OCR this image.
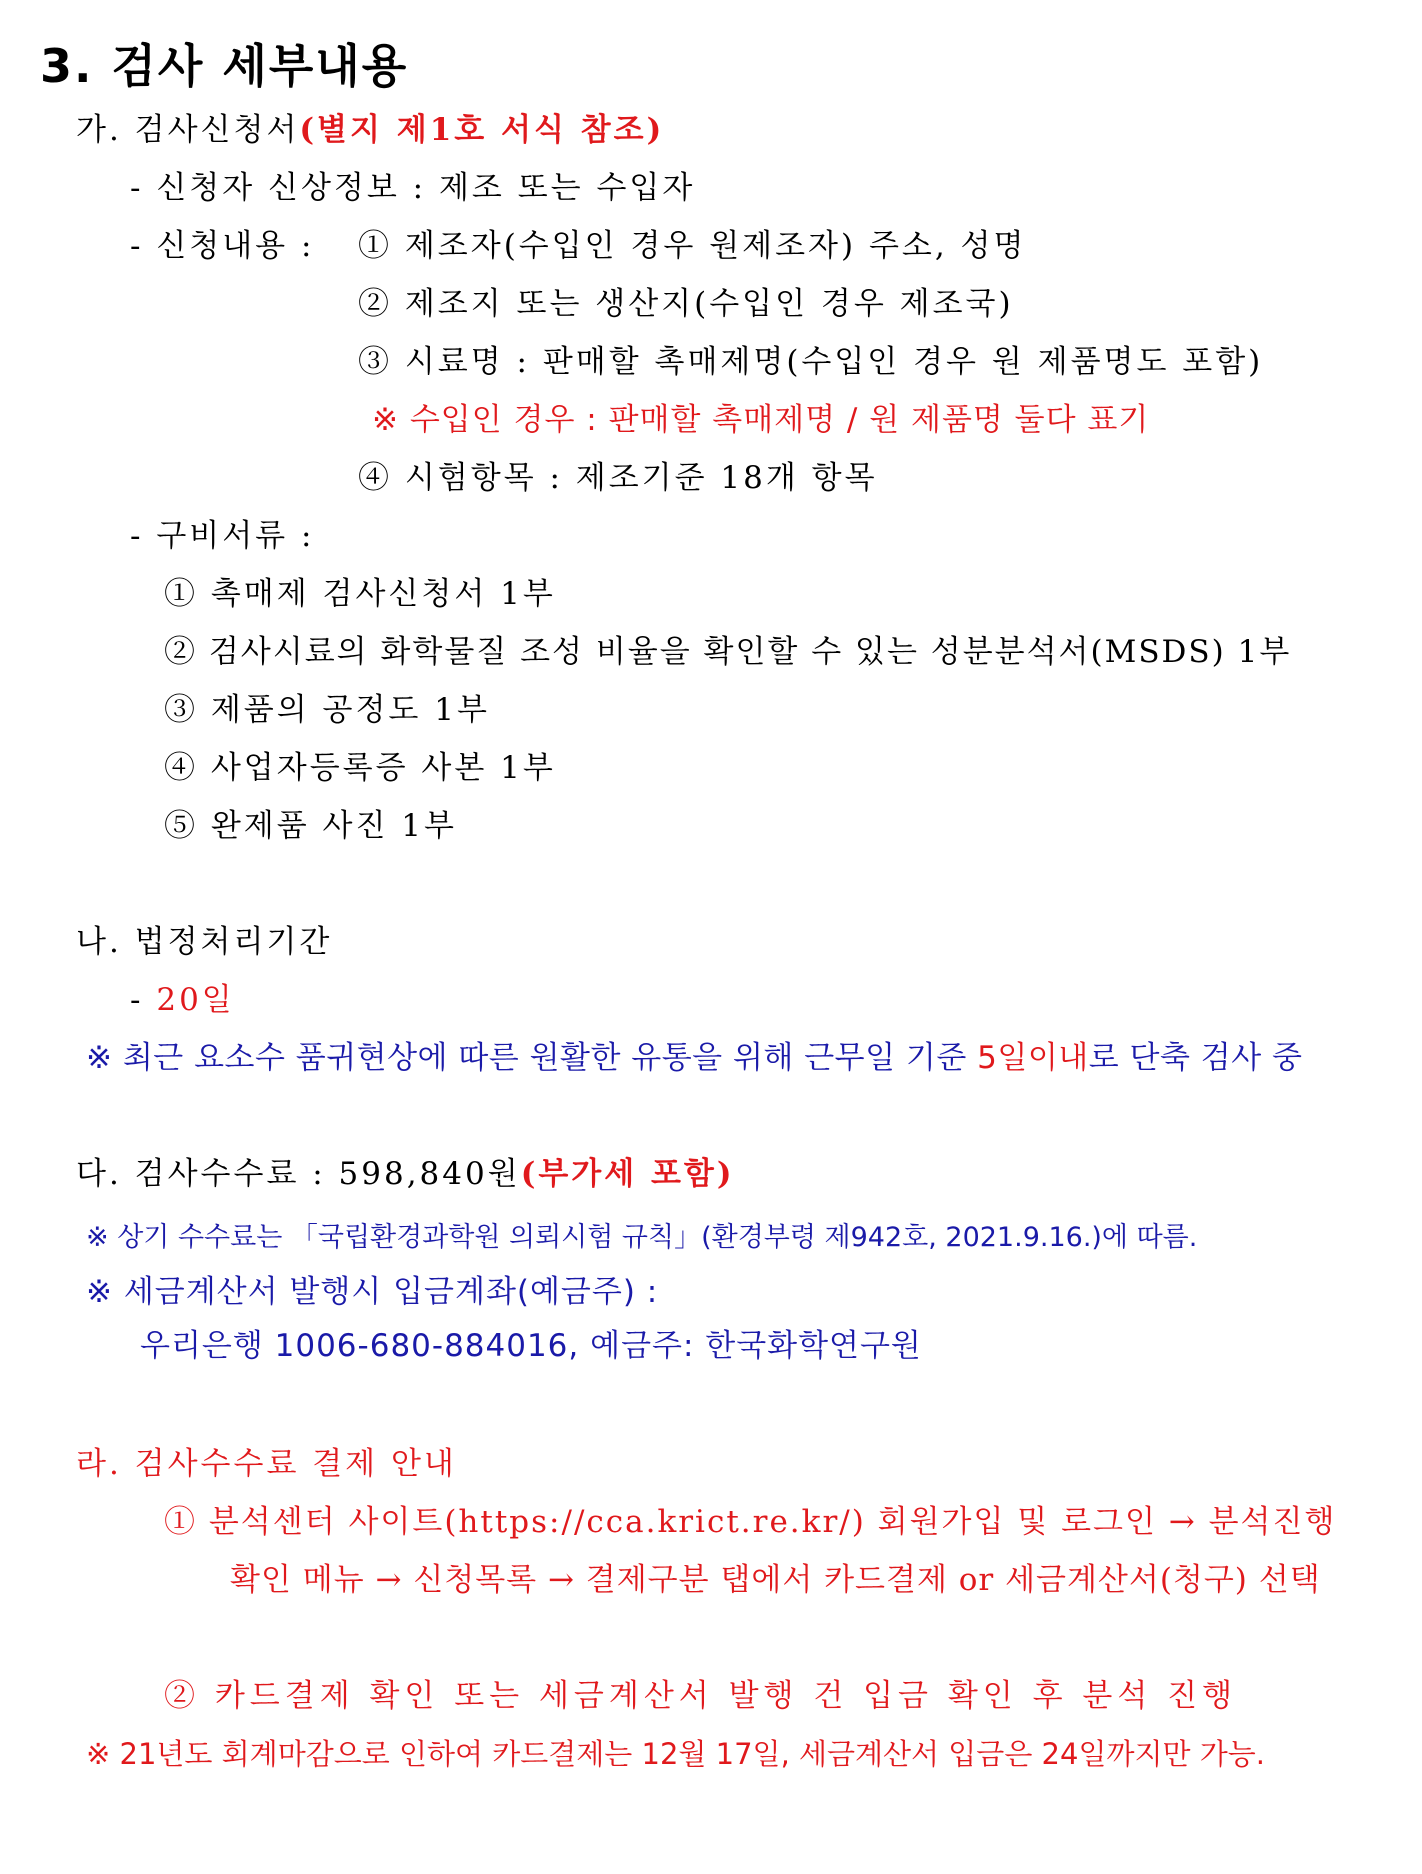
3. 검사 세부내용
가. 검사신청서(별지 제1호 서식 참조)
- 신청자 신상정보 : 제조 또는 수입자
- 신청내용 : ① 제조자(수입인 경우 원제조자) 주소, 성명
② 제조지 또는 생산지(수입인 경우 제조국)
③ 시료명 : 판매할 촉매제명(수입인 경우 원 제품명도 포함)
※ 수입인 경우 : 판매할 촉매제명 / 원 제품명 둘다 표기
④ 시험항목 : 제조기준 18개 항목
- 구비서류 :
① 촉매제 검사신청서 1부
② 검사시료의 화학물질 조성 비율을 확인할 수 있는 성분분석서(MSDS) 1부
③ 제품의 공정도 1부
④ 사업자등록증 사본 1부
⑤ 완제품 사진 1부
나. 법정처리기간
- 20일
※ 최근 요소수 품귀현상에 따른 원활한 유통을 위해 근무일 기준 5일이내로 단축 검사 중
다. 검사수수료 : 598,840원(부가세 포함)
※ 상기 수수료는 「국립환경과학원 의뢰시험 규칙」(환경부령 제942호, 2021.9.16.)에 따름.
※ 세금계산서 발행시 입금계좌(예금주) :
우리은행 1006-680-884016, 예금주: 한국화학연구원
라. 검사수수료 결제 안내
① 분석센터 사이트(https://cca.krict.re.kr/) 회원가입 및 로그인 → 분석진행
확인 메뉴 → 신청목록 → 결제구분 탭에서 카드결제 or 세금계산서(청구) 선택
② 카드결제 확인 또는 세금계산서 발행 건 입금 확인 후 분석 진행
※ 21년도 회계마감으로 인하여 카드결제는 12월 17일, 세금계산서 입금은 24일까지만 가능.
